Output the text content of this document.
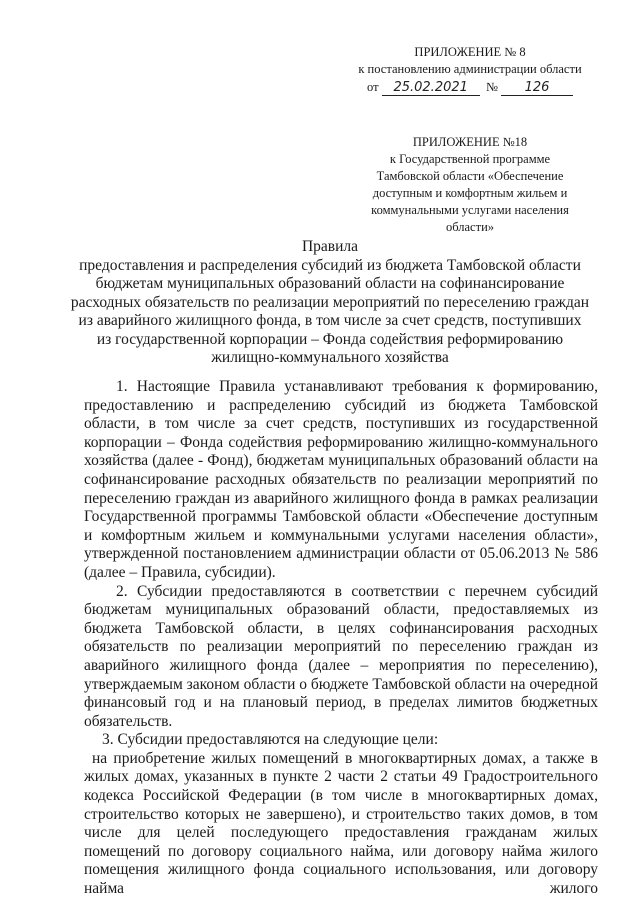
ПРИЛОЖЕНИЕ № 8
к постановлению администрации области
от 25.02.2021 № 126
ПРИЛОЖЕНИЕ №18
к Государственной программе
Тамбовской области «Обеспечение
доступным и комфортным жильем и
коммунальными услугами населения
области»
Правила
предоставления и распределения субсидий из бюджета Тамбовской области
бюджетам муниципальных образований области на софинансирование
расходных обязательств по реализации мероприятий по переселению граждан
из аварийного жилищного фонда, в том числе за счет средств, поступивших
из государственной корпорации – Фонда содействия реформированию
жилищно-коммунального хозяйства

1. Настоящие Правила устанавливают требования к формированию, предоставлению и распределению субсидий из бюджета Тамбовской области, в том числе за счет средств, поступивших из государственной корпорации – Фонда содействия реформированию жилищно-коммунального хозяйства (далее - Фонд), бюджетам муниципальных образований области на софинансирование расходных обязательств по реализации мероприятий по переселению граждан из аварийного жилищного фонда в рамках реализации Государственной программы Тамбовской области «Обеспечение доступным и комфортным жильем и коммунальными услугами населения области», утвержденной постановлением администрации области от 05.06.2013 № 586 (далее – Правила, субсидии).

2. Субсидии предоставляются в соответствии с перечнем субсидий бюджетам муниципальных образований области, предоставляемых из бюджета Тамбовской области, в целях софинансирования расходных обязательств по реализации мероприятий по переселению граждан из аварийного жилищного фонда (далее – мероприятия по переселению), утверждаемым законом области о бюджете Тамбовской области на очередной финансовый год и на плановый период, в пределах лимитов бюджетных обязательств.

3. Субсидии предоставляются на следующие цели:

на приобретение жилых помещений в многоквартирных домах, а также в жилых домах, указанных в пункте 2 части 2 статьи 49 Градостроительного кодекса Российской Федерации (в том числе в многоквартирных домах, строительство которых не завершено), и строительство таких домов, в том числе для целей последующего предоставления гражданам жилых помещений по договору социального найма, или договору найма жилого помещения жилищного фонда социального использования, или договору найма жилого
